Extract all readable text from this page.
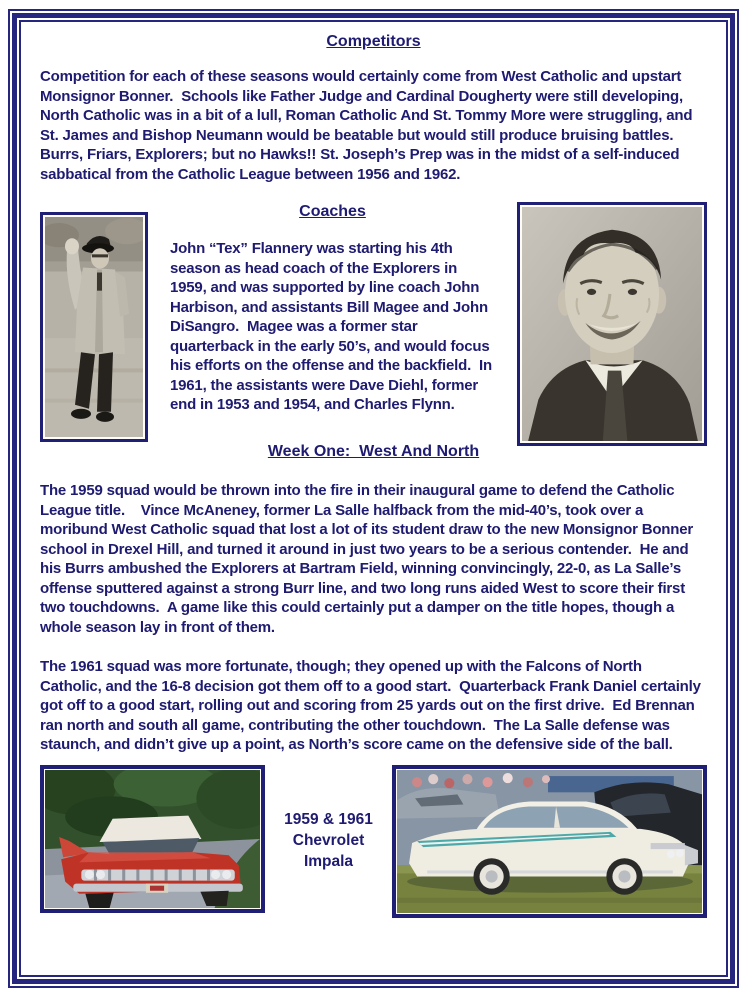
Competitors
Competition for each of these seasons would certainly come from West Catholic and upstart Monsignor Bonner.  Schools like Father Judge and Cardinal Dougherty were still developing, North Catholic was in a bit of a lull, Roman Catholic And St. Tommy More were struggling, and St. James and Bishop Neumann would be beatable but would still produce bruising battles.  Burrs, Friars, Explorers; but no Hawks!! St. Joseph’s Prep was in the midst of a self-induced sabbatical from the Catholic League between 1956 and 1962.
Coaches
John “Tex” Flannery was starting his 4th season as head coach of the Explorers in 1959, and was supported by line coach John Harbison, and assistants Bill Magee and John DiSangro.  Magee was a former star quarterback in the early 50’s, and would focus his efforts on the offense and the backfield.  In 1961, the assistants were Dave Diehl, former end in 1953 and 1954, and Charles Flynn.
Week One:  West And North
The 1959 squad would be thrown into the fire in their inaugural game to defend the Catholic League title.    Vince McAneney, former La Salle halfback from the mid-40’s, took over a moribund West Catholic squad that lost a lot of its student draw to the new Monsignor Bonner school in Drexel Hill, and turned it around in just two years to be a serious contender.  He and his Burrs ambushed the Explorers at Bartram Field, winning convincingly, 22-0, as La Salle’s offense sputtered against a strong Burr line, and two long runs aided West to score their first two touchdowns.  A game like this could certainly put a damper on the title hopes, though a whole season lay in front of them.
The 1961 squad was more fortunate, though; they opened up with the Falcons of North Catholic, and the 16-8 decision got them off to a good start.  Quarterback Frank Daniel certainly got off to a good start, rolling out and scoring from 25 yards out on the first drive.  Ed Brennan ran north and south all game, contributing the other touchdown.  The La Salle defense was staunch, and didn’t give up a point, as North’s score came on the defensive side of the ball.
1959 & 1961
Chevrolet
Impala
